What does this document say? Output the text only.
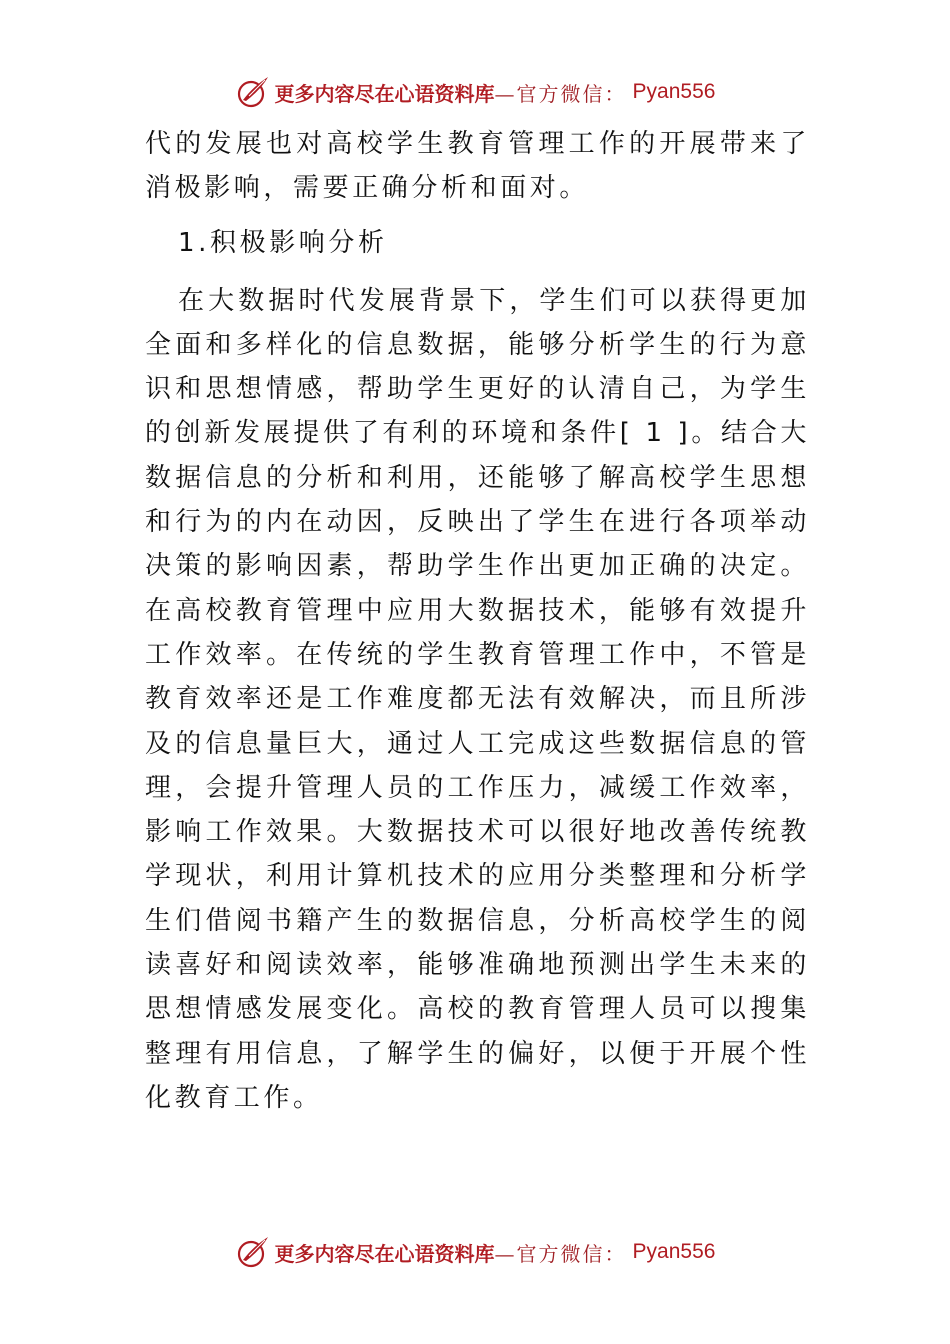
更多内容尽在心语资料库 —官方微信： Pyan556

代的发展也对高校学生教育管理工作的开展带来了消极影响，需要正确分析和面对。

1.积极影响分析

在大数据时代发展背景下，学生们可以获得更加全面和多样化的信息数据，能够分析学生的行为意识和思想情感，帮助学生更好的认清自己，为学生的创新发展提供了有利的环境和条件[ 1 ]。结合大数据信息的分析和利用，还能够了解高校学生思想和行为的内在动因，反映出了学生在进行各项举动决策的影响因素，帮助学生作出更加正确的决定。在高校教育管理中应用大数据技术，能够有效提升工作效率。在传统的学生教育管理工作中，不管是教育效率还是工作难度都无法有效解决，而且所涉及的信息量巨大，通过人工完成这些数据信息的管理，会提升管理人员的工作压力，减缓工作效率，影响工作效果。大数据技术可以很好地改善传统教学现状，利用计算机技术的应用分类整理和分析学生们借阅书籍产生的数据信息，分析高校学生的阅读喜好和阅读效率，能够准确地预测出学生未来的思想情感发展变化。高校的教育管理人员可以搜集整理有用信息，了解学生的偏好，以便于开展个性化教育工作。

更多内容尽在心语资料库 —官方微信： Pyan556
